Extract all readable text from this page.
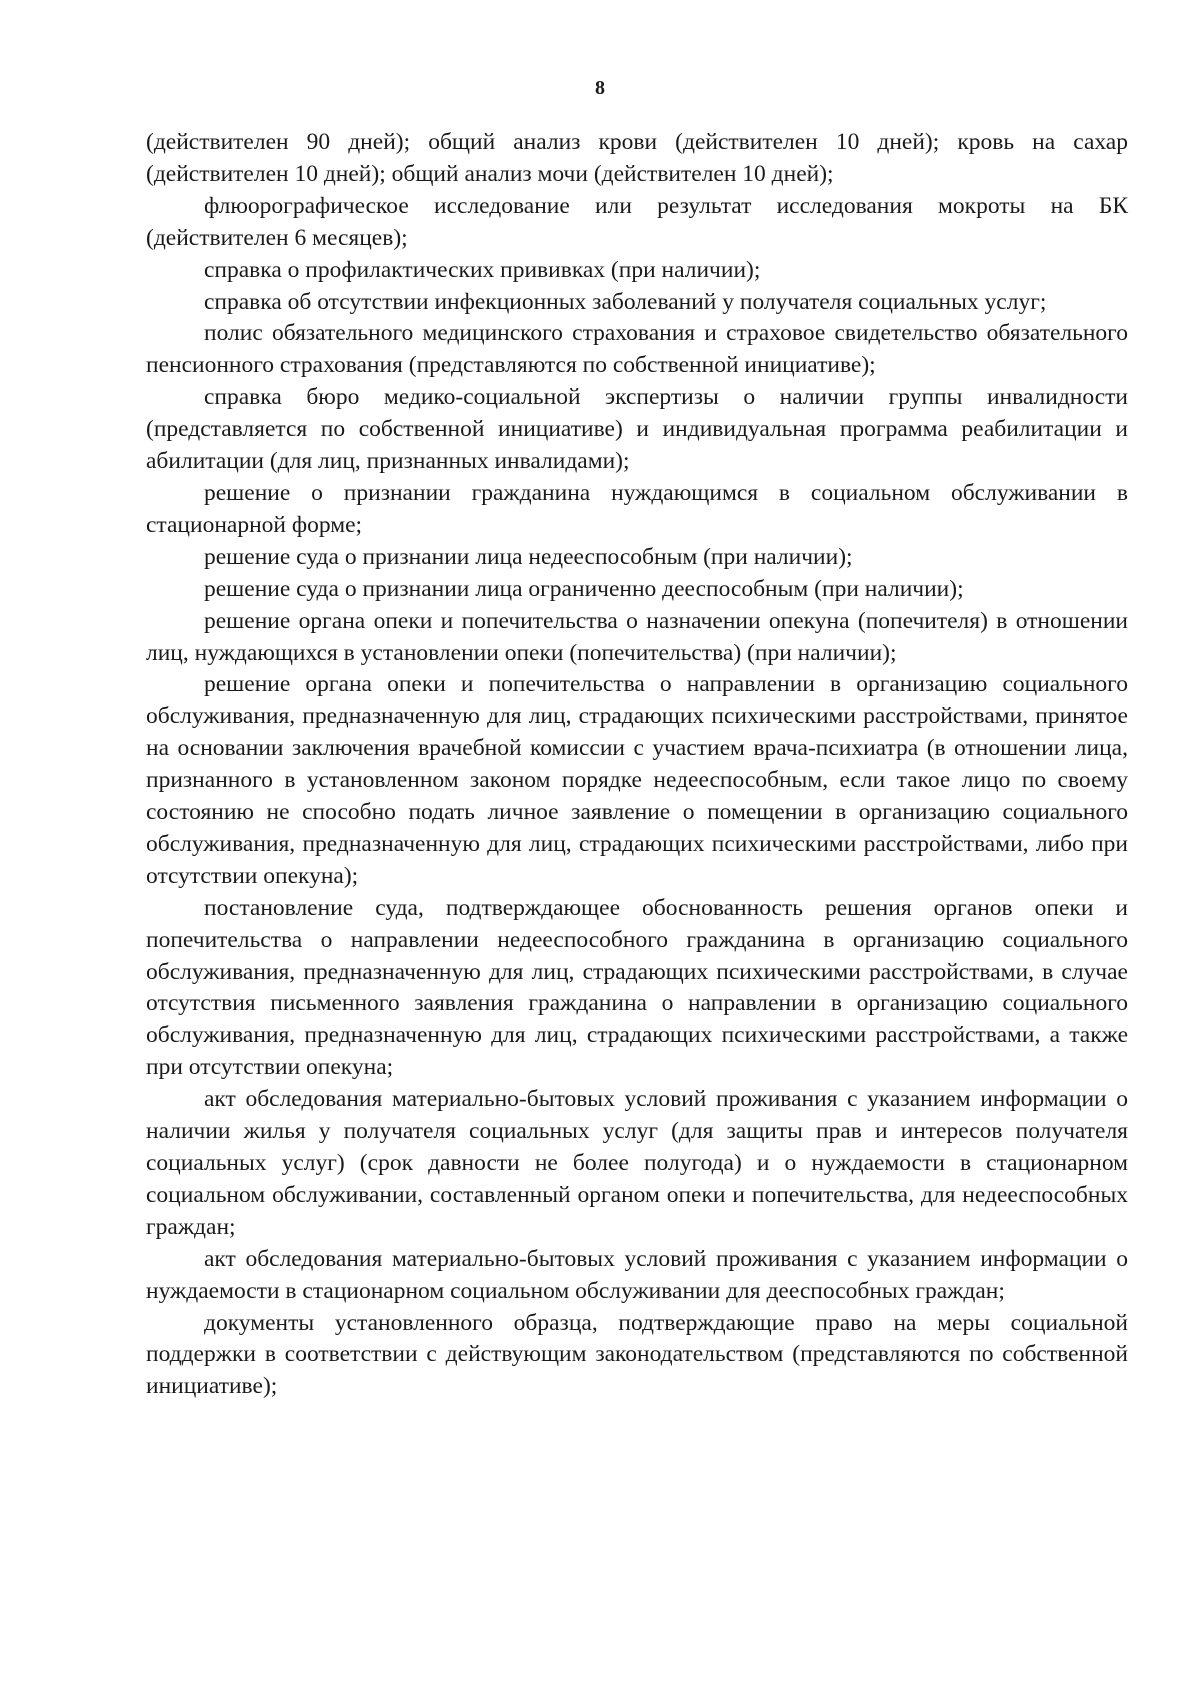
8

(действителен 90 дней); общий анализ крови (действителен 10 дней); кровь на сахар (действителен 10 дней); общий анализ мочи (действителен 10 дней);

флюорографическое исследование или результат исследования мокроты на БК (действителен 6 месяцев);

справка о профилактических прививках (при наличии);

справка об отсутствии инфекционных заболеваний у получателя социальных услуг;

полис обязательного медицинского страхования и страховое свидетельство обязательного пенсионного страхования (представляются по собственной инициативе);

справка бюро медико-социальной экспертизы о наличии группы инвалидности (представляется по собственной инициативе) и индивидуальная программа реабилитации и абилитации (для лиц, признанных инвалидами);

решение о признании гражданина нуждающимся в социальном обслуживании в стационарной форме;

решение суда о признании лица недееспособным (при наличии);

решение суда о признании лица ограниченно дееспособным (при наличии);

решение органа опеки и попечительства о назначении опекуна (попечителя) в отношении лиц, нуждающихся в установлении опеки (попечительства) (при наличии);

решение органа опеки и попечительства о направлении в организацию социального обслуживания, предназначенную для лиц, страдающих психическими расстройствами, принятое на основании заключения врачебной комиссии с участием врача-психиатра (в отношении лица, признанного в установленном законом порядке недееспособным, если такое лицо по своему состоянию не способно подать личное заявление о помещении в организацию социального обслуживания, предназначенную для лиц, страдающих психическими расстройствами, либо при отсутствии опекуна);

постановление суда, подтверждающее обоснованность решения органов опеки и попечительства о направлении недееспособного гражданина в организацию социального обслуживания, предназначенную для лиц, страдающих психическими расстройствами, в случае отсутствия письменного заявления гражданина о направлении в организацию социального обслуживания, предназначенную для лиц, страдающих психическими расстройствами, а также при отсутствии опекуна;

акт обследования материально-бытовых условий проживания с указанием информации о наличии жилья у получателя социальных услуг (для защиты прав и интересов получателя социальных услуг) (срок давности не более полугода) и о нуждаемости в стационарном социальном обслуживании, составленный органом опеки и попечительства, для недееспособных граждан;

акт обследования материально-бытовых условий проживания с указанием информации о нуждаемости в стационарном социальном обслуживании для дееспособных граждан;

документы установленного образца, подтверждающие право на меры социальной поддержки в соответствии с действующим законодательством (представляются по собственной инициативе);
